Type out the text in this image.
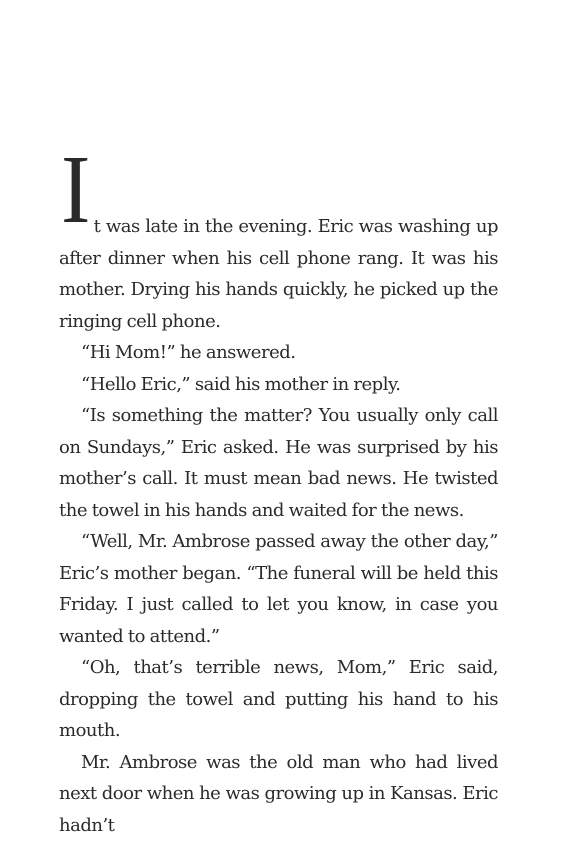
It was late in the evening. Eric was washing up after dinner when his cell phone rang. It was his mother. Drying his hands quickly, he picked up the ringing cell phone.

“Hi Mom!” he answered.

“Hello Eric,” said his mother in reply.

“Is something the matter? You usually only call on Sundays,” Eric asked. He was surprised by his mother’s call. It must mean bad news. He twisted the towel in his hands and waited for the news.

“Well, Mr. Ambrose passed away the other day,” Eric’s mother began. “The funeral will be held this Friday. I just called to let you know, in case you wanted to attend.”

“Oh, that’s terrible news, Mom,” Eric said, dropping the towel and putting his hand to his mouth.

Mr. Ambrose was the old man who had lived next door when he was growing up in Kansas. Eric hadn’t
